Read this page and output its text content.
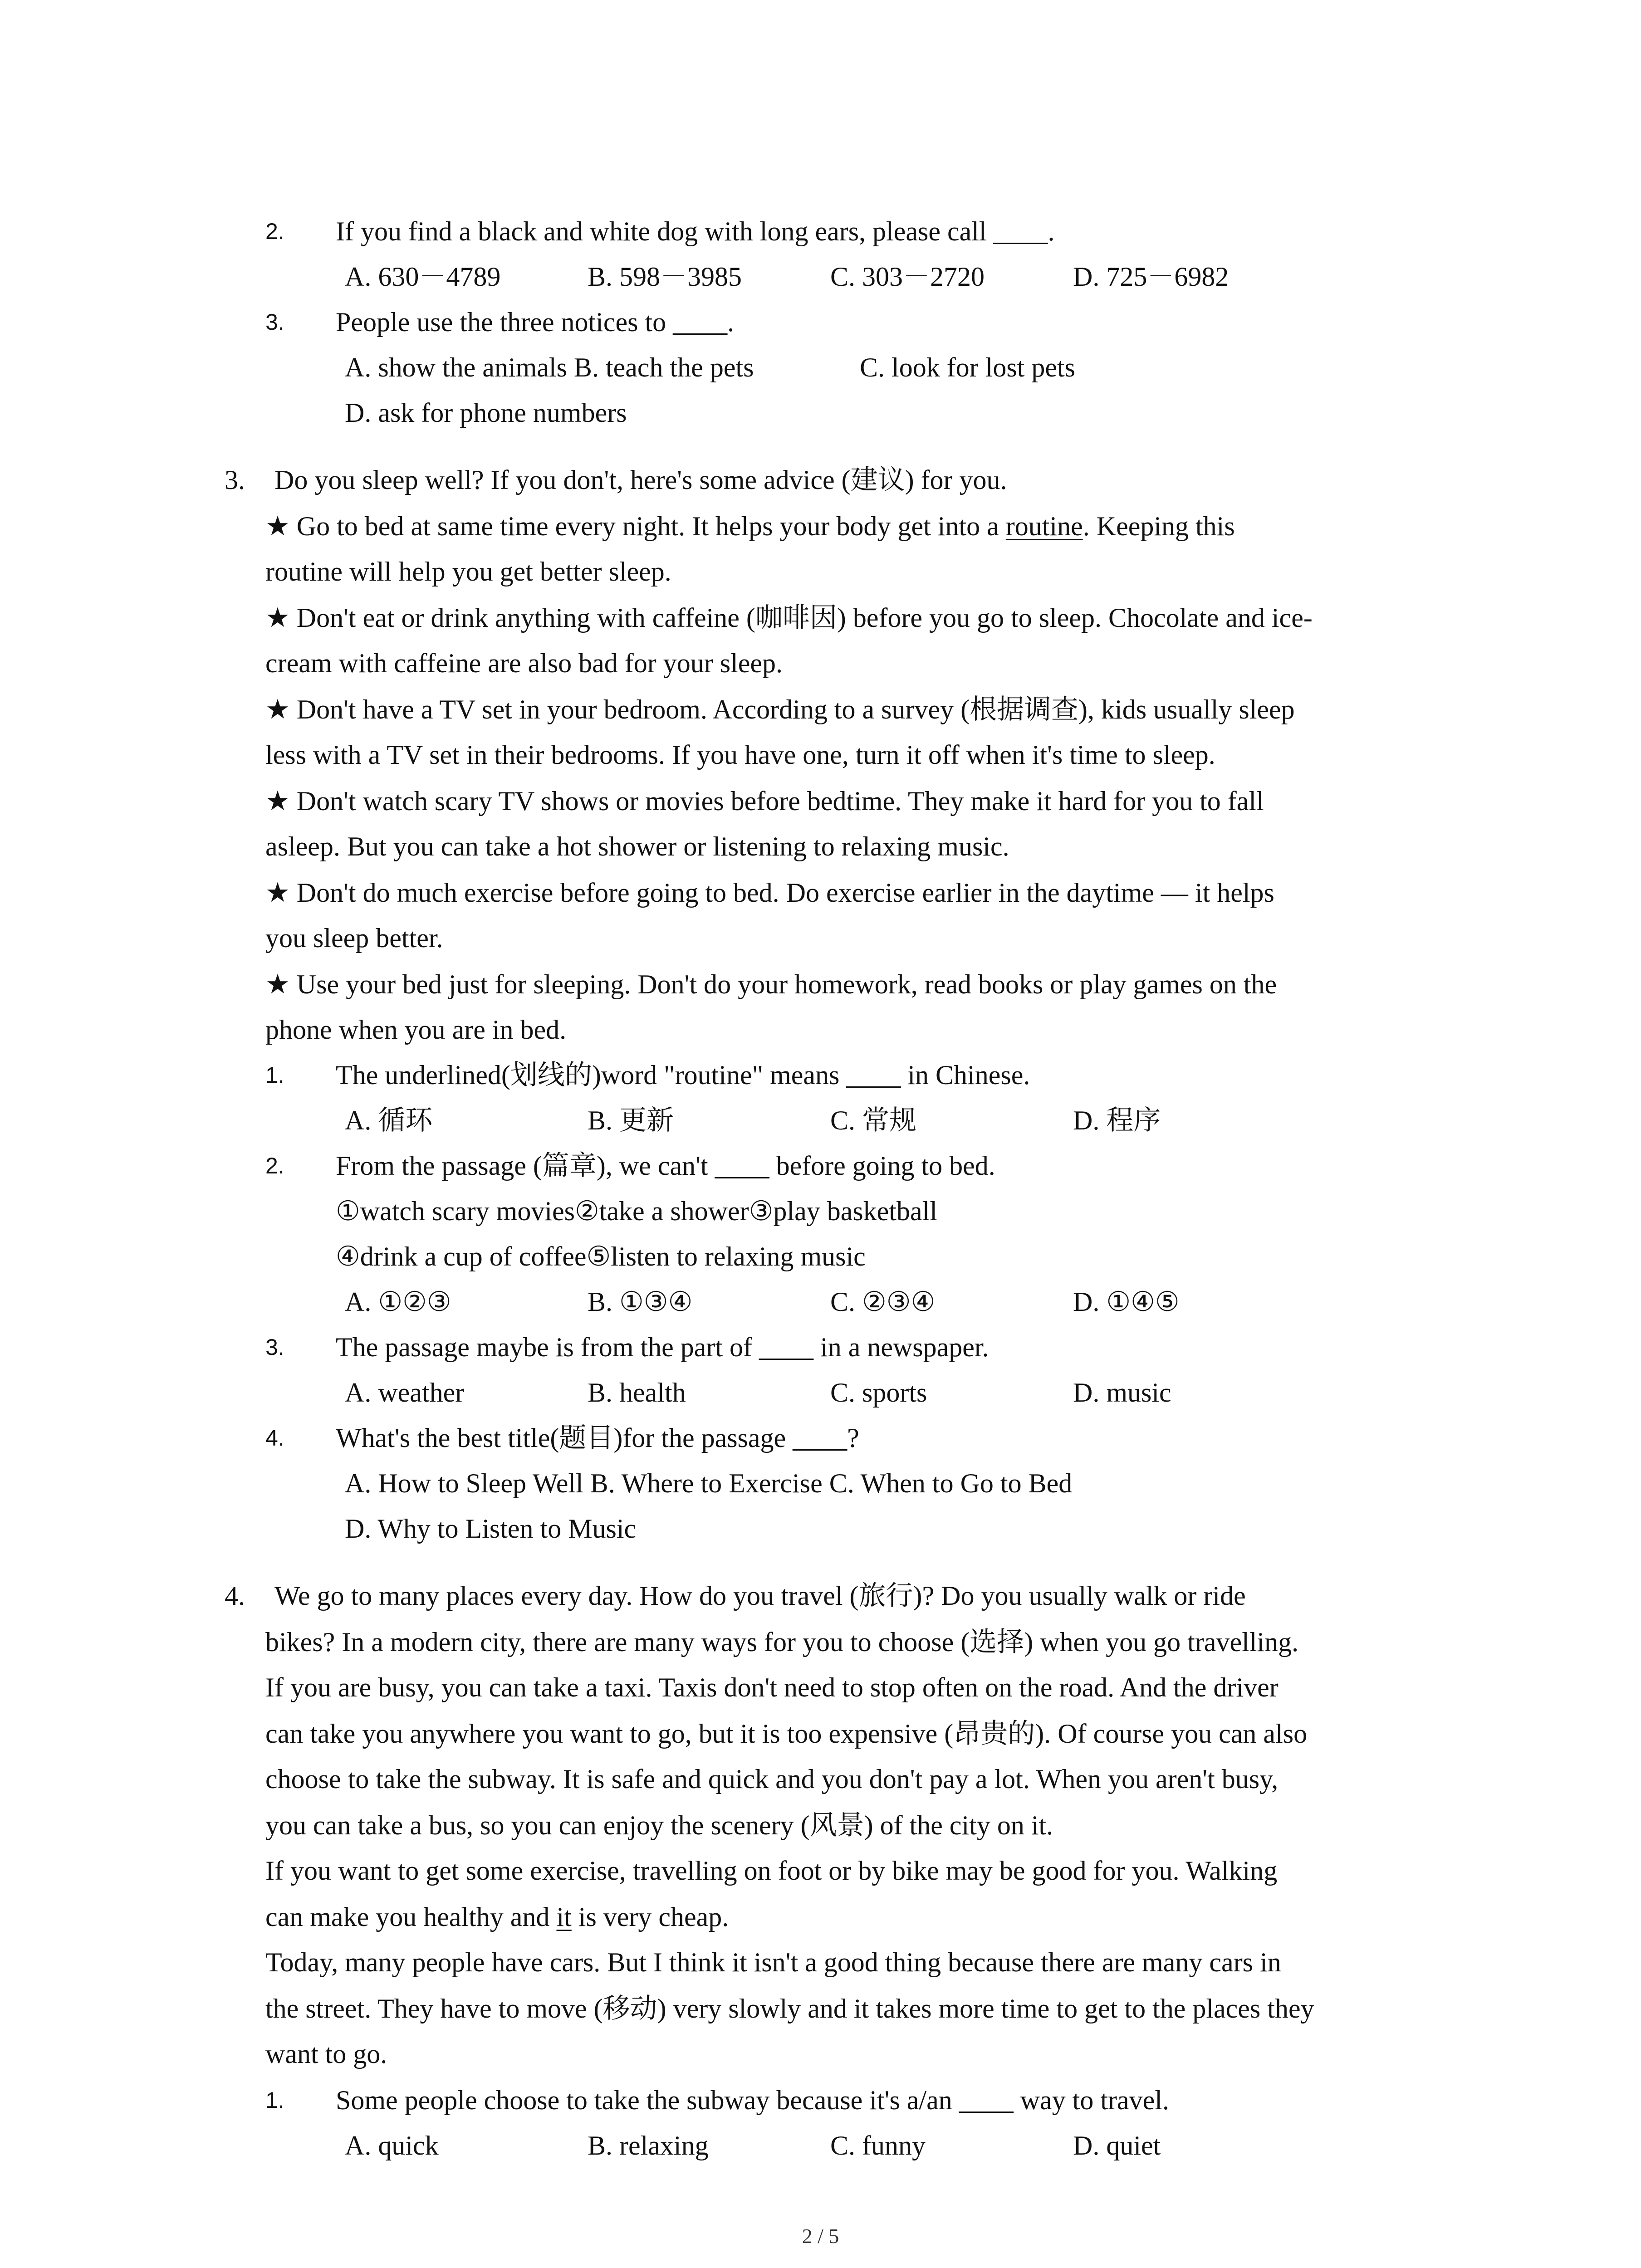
2. If you find a black and white dog with long ears, please call ____.
A. 630－4789	B. 598－3985	C. 303－2720	D. 725－6982
3. People use the three notices to ____.
A. show the animals B. teach the pets	C. look for lost pets
D. ask for phone numbers
3. Do you sleep well? If you don't, here's some advice (建议) for you.
★ Go to bed at same time every night. It helps your body get into a routine. Keeping this
routine will help you get better sleep.
★ Don't eat or drink anything with caffeine (咖啡因) before you go to sleep. Chocolate and ice-
cream with caffeine are also bad for your sleep.
★ Don't have a TV set in your bedroom. According to a survey (根据调查), kids usually sleep
less with a TV set in their bedrooms. If you have one, turn it off when it's time to sleep.
★ Don't watch scary TV shows or movies before bedtime. They make it hard for you to fall
asleep. But you can take a hot shower or listening to relaxing music.
★ Don't do much exercise before going to bed. Do exercise earlier in the daytime — it helps
you sleep better.
★ Use your bed just for sleeping. Don't do your homework, read books or play games on the
phone when you are in bed.
1. The underlined(划线的)word "routine" means ____ in Chinese.
A. 循环	B. 更新	C. 常规	D. 程序
2. From the passage (篇章), we can't ____ before going to bed.
①watch scary movies②take a shower③play basketball
④drink a cup of coffee⑤listen to relaxing music
A. ①②③	B. ①③④	C. ②③④	D. ①④⑤
3. The passage maybe is from the part of ____ in a newspaper.
A. weather	B. health	C. sports	D. music
4. What's the best title(题目)for the passage ____?
A. How to Sleep Well B. Where to Exercise C. When to Go to Bed
D. Why to Listen to Music
4. We go to many places every day. How do you travel (旅行)? Do you usually walk or ride
bikes? In a modern city, there are many ways for you to choose (选择) when you go travelling.
If you are busy, you can take a taxi. Taxis don't need to stop often on the road. And the driver
can take you anywhere you want to go, but it is too expensive (昂贵的). Of course you can also
choose to take the subway. It is safe and quick and you don't pay a lot. When you aren't busy,
you can take a bus, so you can enjoy the scenery (风景) of the city on it.
If you want to get some exercise, travelling on foot or by bike may be good for you. Walking
can make you healthy and it is very cheap.
Today, many people have cars. But I think it isn't a good thing because there are many cars in
the street. They have to move (移动) very slowly and it takes more time to get to the places they
want to go.
1. Some people choose to take the subway because it's a/an ____ way to travel.
A. quick	B. relaxing	C. funny	D. quiet
2 / 5
